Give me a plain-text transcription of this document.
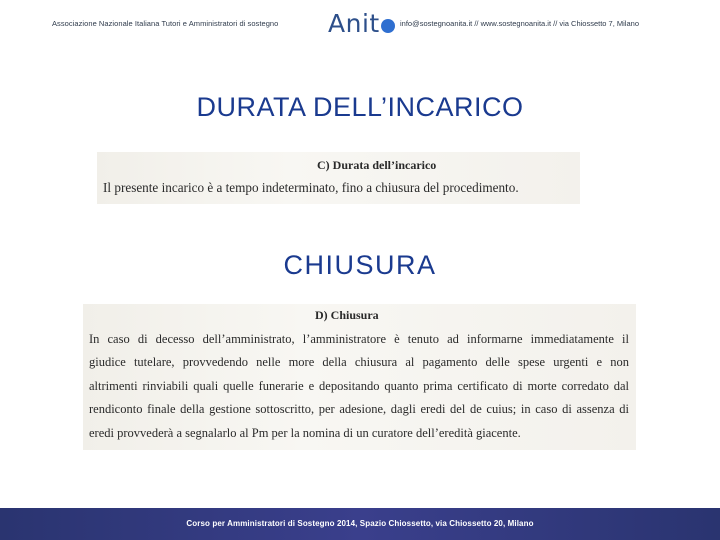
Associazione Nazionale Italiana Tutori e Amministratori di sostegno Anit	info@sostegnoanita.it // www.sostegnoanita.it // via Chiossetto 7, Milano
DURATA DELL’INCARICO
C) Durata dell’incarico
Il presente incarico è a tempo indeterminato, fino a chiusura del procedimento.
CHIUSURA
D) Chiusura
In caso di decesso dell’amministrato, l’amministratore è tenuto ad informarne immediatamente il
giudice tutelare, provvedendo nelle more della chiusura al pagamento delle spese urgenti e non
altrimenti rinviabili quali quelle funerarie e depositando quanto prima certificato di morte corredato dal
rendiconto finale della gestione sottoscritto, per adesione, dagli eredi del de cuius; in caso di assenza di
eredi provvederà a segnalarlo al Pm per la nomina di un curatore dell’eredità giacente.
Corso per Amministratori di Sostegno 2014, Spazio Chiossetto, via Chiossetto 20, Milano
